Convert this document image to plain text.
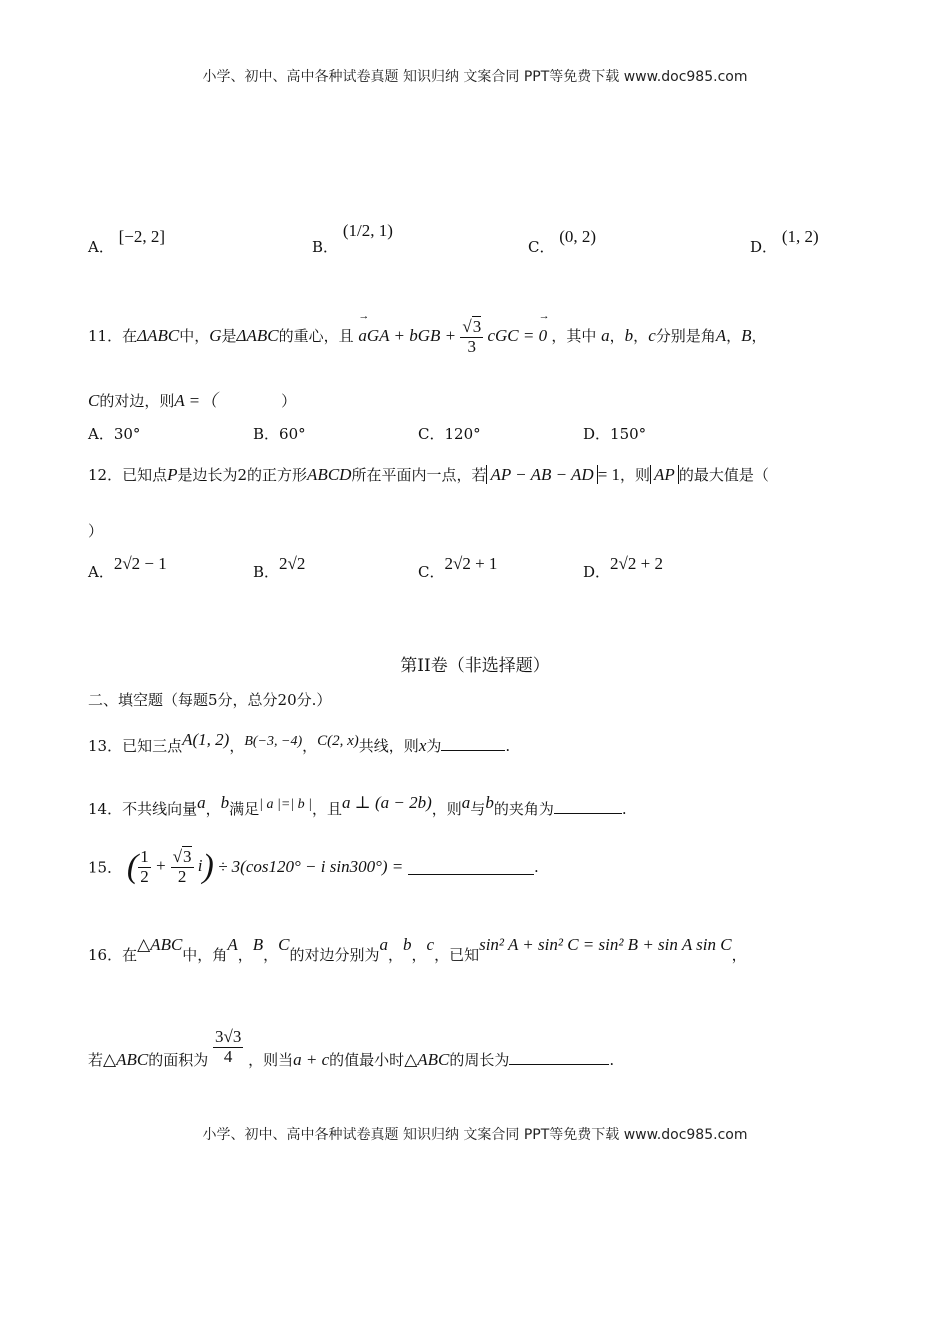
小学、初中、高中各种试卷真题 知识归纳 文案合同 PPT等免费下载 www.doc985.com
A． [−2, 2]
B． (1/2, 1)
C． (0, 2)
D． (1, 2)
11．在ΔABC中，G是ΔABC的重心，且 → aGA + bGB + $\frac{√3}{3}$ cGC = → 0 ，其中 a，b，c分别是角A，B，
C的对边，则A =（	）
A．30°	B．60°	C．120°	D．150°
12．已知点P是边长为2的正方形ABCD所在平面内一点，若 AP − AB − AD = 1，则 AP 的最大值是（
）
A．2√2 − 1	B．2√2	C．2√2 + 1	D．2√2 + 2
第II卷（非选择题）
二、填空题（每题5分，总分20分.）
13．已知三点A(1, 2)，B(−3, −4)，C(2, x)共线，则x为	.
14．不共线向量a，b满足| a |=| b |，且a ⊥ (a − 2b)，则a与b的夹角为	.
15． ( $\frac{1}{2} + \frac{√3}{2} i) \div 3(\cos 120^\circ - i$ sin300°) =	.
16．在△ABC中，角A，B，C的对边分别为a，b，c，已知sin² A + sin² C = sin² B + sin A sin C，
若△ABC的面积为 $\frac{3√3}{4}$ ，则当a + c的值最小时△ABC的周长为	.
小学、初中、高中各种试卷真题 知识归纳 文案合同 PPT等免费下载 www.doc985.com
